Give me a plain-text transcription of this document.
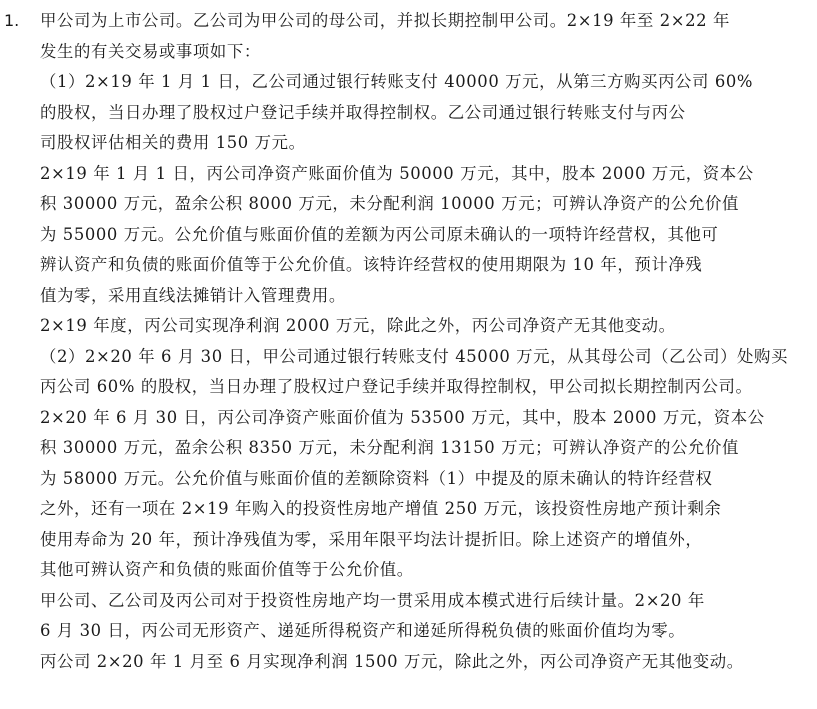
1. 甲公司为上市公司。乙公司为甲公司的母公司，并拟长期控制甲公司。2×19 年至 2×22 年
发生的有关交易或事项如下：
（1）2×19 年 1 月 1 日，乙公司通过银行转账支付 40000 万元，从第三方购买丙公司 60%
的股权，当日办理了股权过户登记手续并取得控制权。乙公司通过银行转账支付与丙公
司股权评估相关的费用 150 万元。
2×19 年 1 月 1 日，丙公司净资产账面价值为 50000 万元，其中，股本 2000 万元，资本公
积 30000 万元，盈余公积 8000 万元，未分配利润 10000 万元；可辨认净资产的公允价值
为 55000 万元。公允价值与账面价值的差额为丙公司原未确认的一项特许经营权，其他可
辨认资产和负债的账面价值等于公允价值。该特许经营权的使用期限为 10 年，预计净残
值为零，采用直线法摊销计入管理费用。
2×19 年度，丙公司实现净利润 2000 万元，除此之外，丙公司净资产无其他变动。
（2）2×20 年 6 月 30 日，甲公司通过银行转账支付 45000 万元，从其母公司（乙公司）处购买
丙公司 60% 的股权，当日办理了股权过户登记手续并取得控制权，甲公司拟长期控制丙公司。
2×20 年 6 月 30 日，丙公司净资产账面价值为 53500 万元，其中，股本 2000 万元，资本公
积 30000 万元，盈余公积 8350 万元，未分配利润 13150 万元；可辨认净资产的公允价值
为 58000 万元。公允价值与账面价值的差额除资料（1）中提及的原未确认的特许经营权
之外，还有一项在 2×19 年购入的投资性房地产增值 250 万元，该投资性房地产预计剩余
使用寿命为 20 年，预计净残值为零，采用年限平均法计提折旧。除上述资产的增值外，
其他可辨认资产和负债的账面价值等于公允价值。
甲公司、乙公司及丙公司对于投资性房地产均一贯采用成本模式进行后续计量。2×20 年
6 月 30 日，丙公司无形资产、递延所得税资产和递延所得税负债的账面价值均为零。
丙公司 2×20 年 1 月至 6 月实现净利润 1500 万元，除此之外，丙公司净资产无其他变动。
